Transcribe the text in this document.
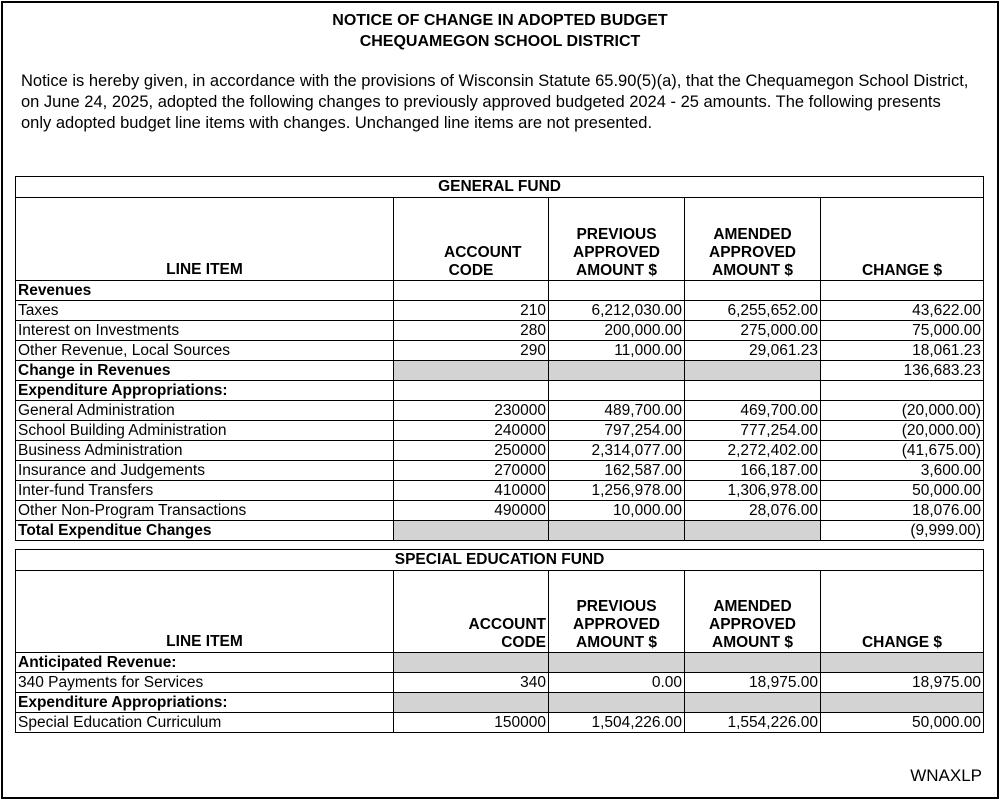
NOTICE OF CHANGE IN ADOPTED BUDGET
CHEQUAMEGON SCHOOL DISTRICT
Notice is hereby given, in accordance with the provisions of Wisconsin Statute 65.90(5)(a), that the Chequamegon School District, on June 24, 2025, adopted the following changes to previously approved budgeted 2024 - 25 amounts. The following presents only adopted budget line items with changes. Unchanged line items are not presented.
GENERAL FUND				
LINE ITEM	ACCOUNT CODE	PREVIOUS APPROVED AMOUNT $	AMENDED APPROVED AMOUNT $	CHANGE $
Revenues				
Taxes	210	6,212,030.00	6,255,652.00	43,622.00
Interest on Investments	280	200,000.00	275,000.00	75,000.00
Other Revenue, Local Sources	290	11,000.00	29,061.23	18,061.23
Change in Revenues				136,683.23
Expenditure Appropriations:				
General Administration	230000	489,700.00	469,700.00	(20,000.00)
School Building Administration	240000	797,254.00	777,254.00	(20,000.00)
Business Administration	250000	2,314,077.00	2,272,402.00	(41,675.00)
Insurance and Judgements	270000	162,587.00	166,187.00	3,600.00
Inter-fund Transfers	410000	1,256,978.00	1,306,978.00	50,000.00
Other Non-Program Transactions	490000	10,000.00	28,076.00	18,076.00
Total Expenditue Changes				(9,999.00)
SPECIAL EDUCATION FUND				
LINE ITEM	ACCOUNT CODE	PREVIOUS APPROVED AMOUNT $	AMENDED APPROVED AMOUNT $	CHANGE $
Anticipated Revenue:				
340 Payments for Services	340	0.00	18,975.00	18,975.00
Expenditure Appropriations:				
Special Education Curriculum	150000	1,504,226.00	1,554,226.00	50,000.00
WNAXLP
